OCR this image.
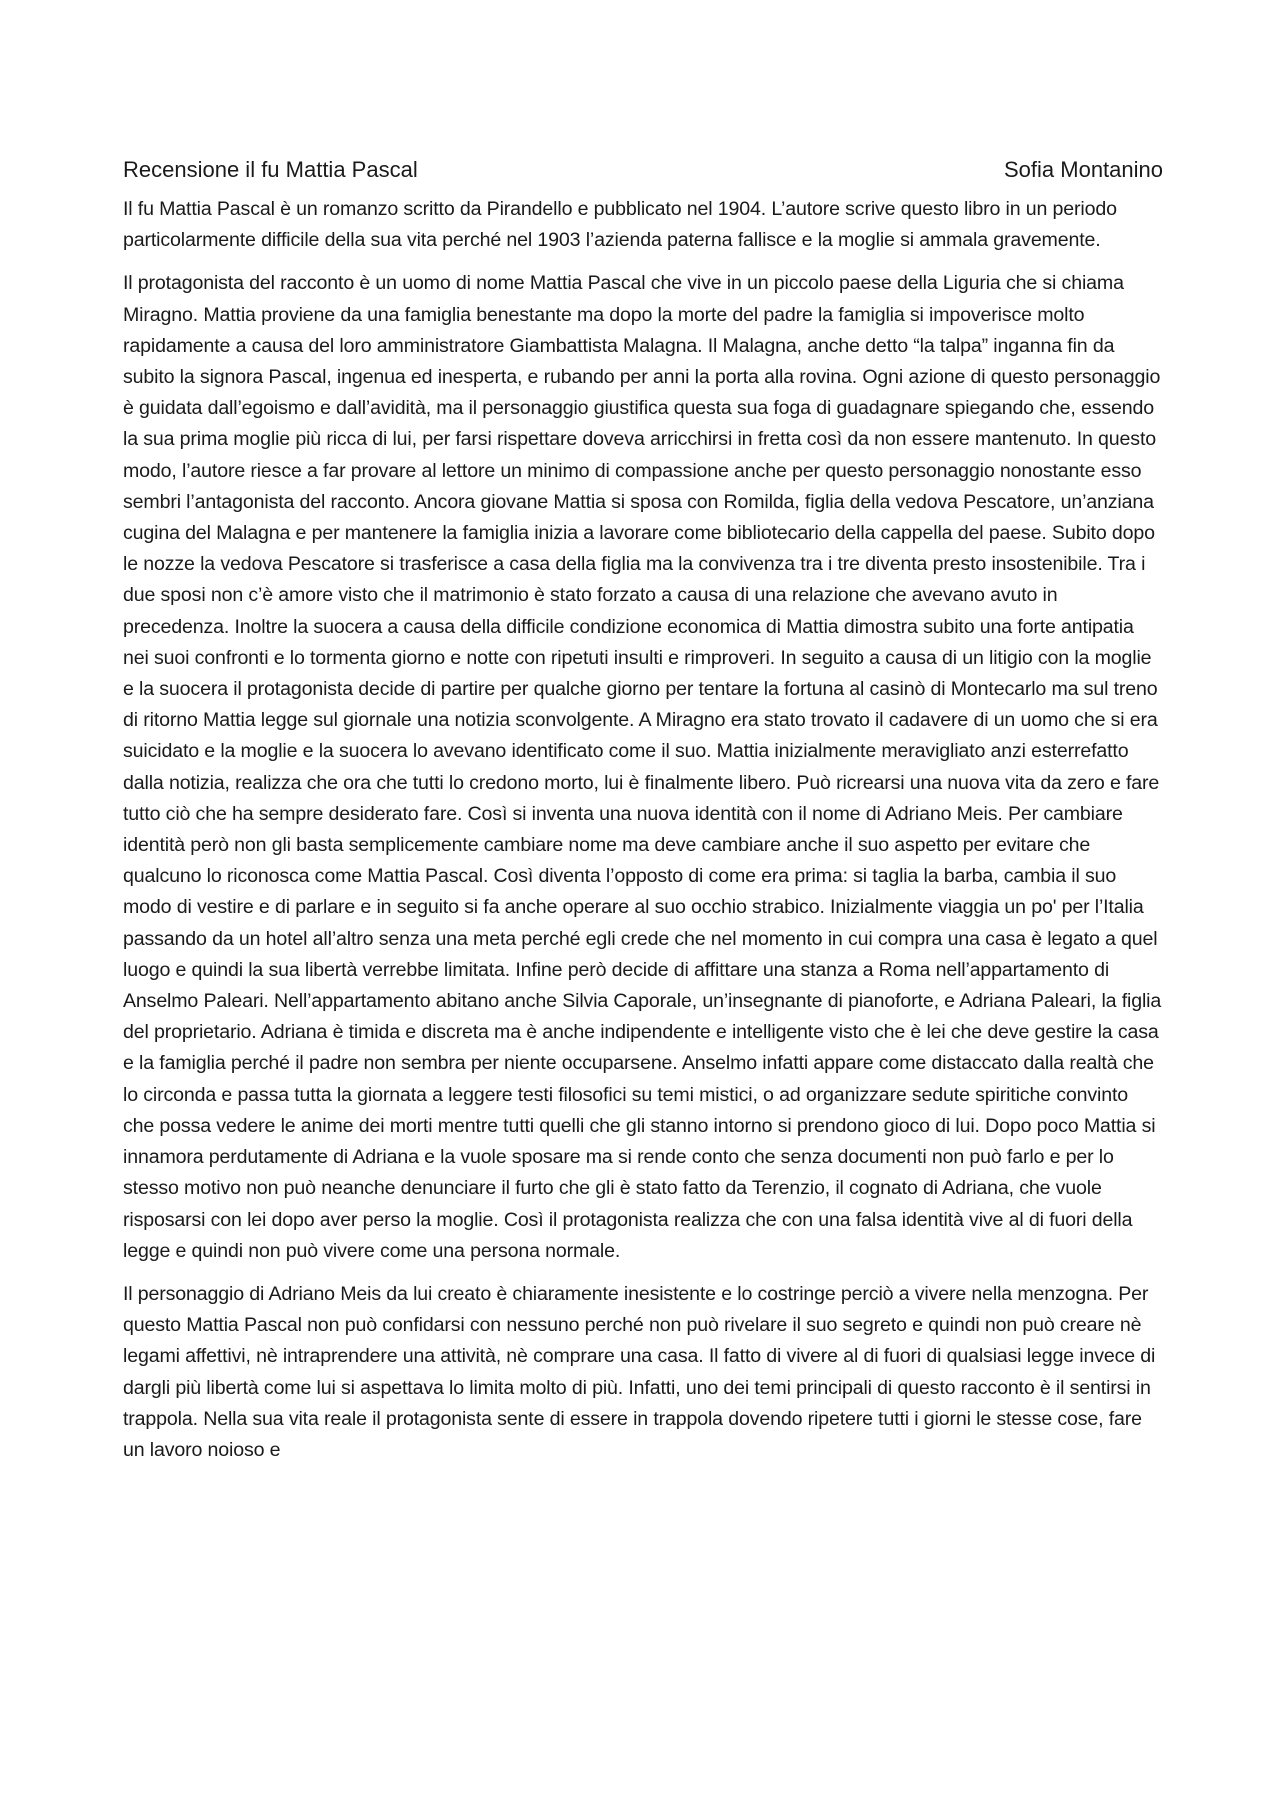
Recensione il fu Mattia Pascal	Sofia Montanino

Il fu Mattia Pascal è un romanzo scritto da Pirandello e pubblicato nel 1904. L’autore scrive questo libro in un periodo particolarmente difficile della sua vita perché nel 1903 l’azienda paterna fallisce e la moglie si ammala gravemente.

Il protagonista del racconto è un uomo di nome Mattia Pascal che vive in un piccolo paese della Liguria che si chiama Miragno. Mattia proviene da una famiglia benestante ma dopo la morte del padre la famiglia si impoverisce molto rapidamente a causa del loro amministratore Giambattista Malagna. Il Malagna, anche detto “la talpa” inganna fin da subito la signora Pascal, ingenua ed inesperta, e rubando per anni la porta alla rovina. Ogni azione di questo personaggio è guidata dall’egoismo e dall’avidità, ma il personaggio giustifica questa sua foga di guadagnare spiegando che, essendo la sua prima moglie più ricca di lui, per farsi rispettare doveva arricchirsi in fretta così da non essere mantenuto. In questo modo, l’autore riesce a far provare al lettore un minimo di compassione anche per questo personaggio nonostante esso sembri l’antagonista del racconto. Ancora giovane Mattia si sposa con Romilda, figlia della vedova Pescatore, un’anziana cugina del Malagna e per mantenere la famiglia inizia a lavorare come bibliotecario della cappella del paese. Subito dopo le nozze la vedova Pescatore si trasferisce a casa della figlia ma la convivenza tra i tre diventa presto insostenibile. Tra i due sposi non c’è amore visto che il matrimonio è stato forzato a causa di una relazione che avevano avuto in precedenza. Inoltre la suocera a causa della difficile condizione economica di Mattia dimostra subito una forte antipatia nei suoi confronti e lo tormenta giorno e notte con ripetuti insulti e rimproveri. In seguito a causa di un litigio con la moglie e la suocera il protagonista decide di partire per qualche giorno per tentare la fortuna al casinò di Montecarlo ma sul treno di ritorno Mattia legge sul giornale una notizia sconvolgente. A Miragno era stato trovato il cadavere di un uomo che si era suicidato e la moglie e la suocera lo avevano identificato come il suo. Mattia inizialmente meravigliato anzi esterrefatto dalla notizia, realizza che ora che tutti lo credono morto, lui è finalmente libero. Può ricrearsi una nuova vita da zero e fare tutto ciò che ha sempre desiderato fare. Così si inventa una nuova identità con il nome di Adriano Meis. Per cambiare identità però non gli basta semplicemente cambiare nome ma deve cambiare anche il suo aspetto per evitare che qualcuno lo riconosca come Mattia Pascal. Così diventa l’opposto di come era prima: si taglia la barba, cambia il suo modo di vestire e di parlare e in seguito si fa anche operare al suo occhio strabico. Inizialmente viaggia un po' per l’Italia passando da un hotel all’altro senza una meta perché egli crede che nel momento in cui compra una casa è legato a quel luogo e quindi la sua libertà verrebbe limitata. Infine però decide di affittare una stanza a Roma nell’appartamento di Anselmo Paleari. Nell’appartamento abitano anche Silvia Caporale, un’insegnante di pianoforte, e Adriana Paleari, la figlia del proprietario. Adriana è timida e discreta ma è anche indipendente e intelligente visto che è lei che deve gestire la casa e la famiglia perché il padre non sembra per niente occuparsene. Anselmo infatti appare come distaccato dalla realtà che lo circonda e passa tutta la giornata a leggere testi filosofici su temi mistici, o ad organizzare sedute spiritiche convinto che possa vedere le anime dei morti mentre tutti quelli che gli stanno intorno si prendono gioco di lui. Dopo poco Mattia si innamora perdutamente di Adriana e la vuole sposare ma si rende conto che senza documenti non può farlo e per lo stesso motivo non può neanche denunciare il furto che gli è stato fatto da Terenzio, il cognato di Adriana, che vuole risposarsi con lei dopo aver perso la moglie. Così il protagonista realizza che con una falsa identità vive al di fuori della legge e quindi non può vivere come una persona normale.

Il personaggio di Adriano Meis da lui creato è chiaramente inesistente e lo costringe perciò a vivere nella menzogna. Per questo Mattia Pascal non può confidarsi con nessuno perché non può rivelare il suo segreto e quindi non può creare nè legami affettivi, nè intraprendere una attività, nè comprare una casa. Il fatto di vivere al di fuori di qualsiasi legge invece di dargli più libertà come lui si aspettava lo limita molto di più. Infatti, uno dei temi principali di questo racconto è il sentirsi in trappola. Nella sua vita reale il protagonista sente di essere in trappola dovendo ripetere tutti i giorni le stesse cose, fare un lavoro noioso e
